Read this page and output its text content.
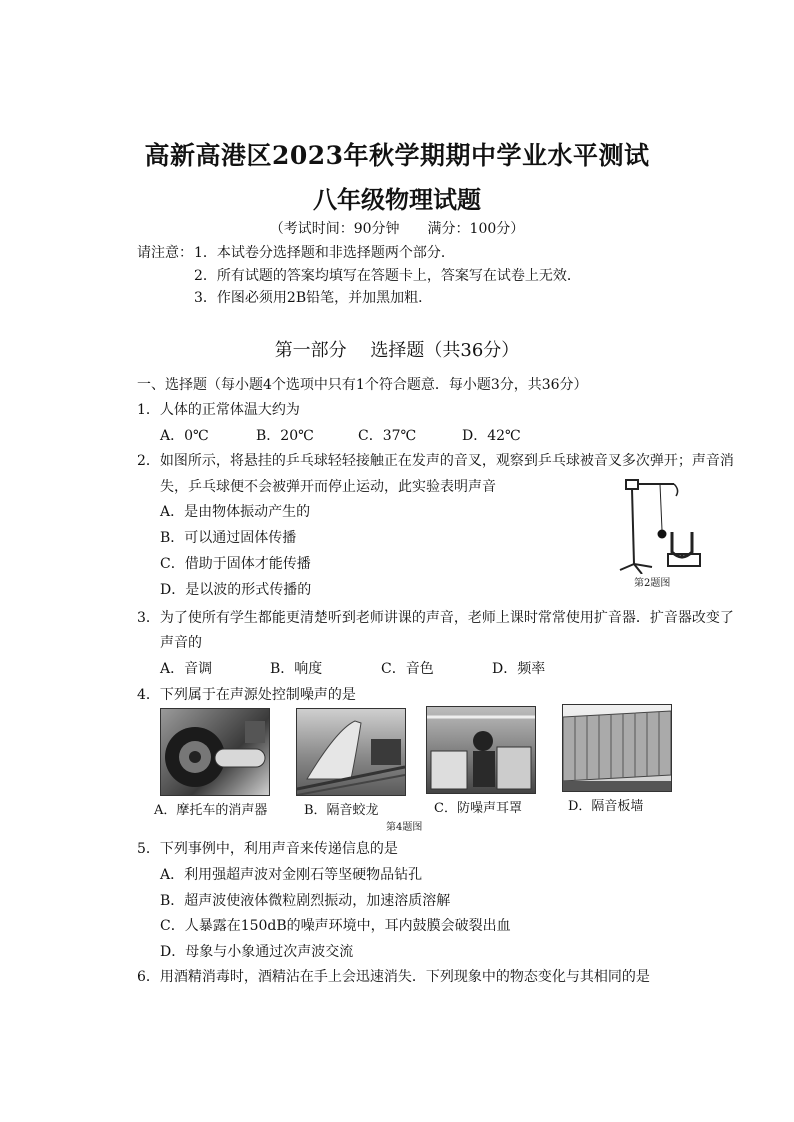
高新高港区2023年秋学期期中学业水平测试
八年级物理试题
（考试时间：90分钟　　满分：100分）
请注意： 1．本试卷分选择题和非选择题两个部分．
2．所有试题的答案均填写在答题卡上，答案写在试卷上无效．
3．作图必须用2B铅笔，并加黑加粗．
第一部分　 选择题（共36分）
一、选择题（每小题4个选项中只有1个符合题意．每小题3分，共36分）
1．人体的正常体温大约为
A．0℃	B．20℃	C．37℃	D．42℃
2．如图所示，将悬挂的乒乓球轻轻接触正在发声的音叉，观察到乒乓球被音叉多次弹开；声音消
失，乒乓球便不会被弹开而停止运动，此实验表明声音
A．是由物体振动产生的
B．可以通过固体传播
C．借助于固体才能传播
D．是以波的形式传播的	第2题图
3．为了使所有学生都能更清楚听到老师讲课的声音，老师上课时常常使用扩音器．扩音器改变了
声音的
A．音调	B．响度	C．音色	D．频率
4．下列属于在声源处控制噪声的是
A．摩托车的消声器	B．隔音蛟龙	C．防噪声耳罩	D．隔音板墙
第4题图
5．下列事例中，利用声音来传递信息的是
A．利用强超声波对金刚石等坚硬物品钻孔
B．超声波使液体微粒剧烈振动，加速溶质溶解
C．人暴露在150dB的噪声环境中，耳内鼓膜会破裂出血
D．母象与小象通过次声波交流
6．用酒精消毒时，酒精沾在手上会迅速消失．下列现象中的物态变化与其相同的是
